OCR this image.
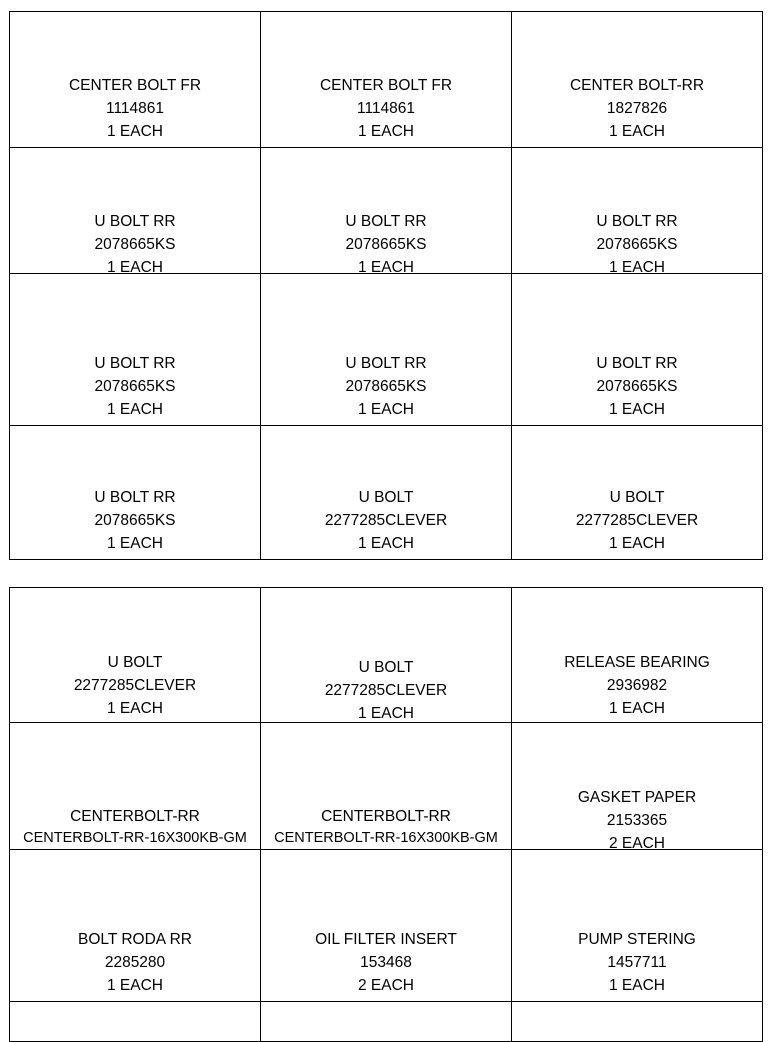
CENTER BOLT FR
1114861
1 EACH	CENTER BOLT FR
1114861
1 EACH	CENTER BOLT-RR
1827826
1 EACH

U BOLT RR
2078665KS
1 EACH	U BOLT RR
2078665KS
1 EACH	U BOLT RR
2078665KS
1 EACH

U BOLT RR
2078665KS
1 EACH	U BOLT RR
2078665KS
1 EACH	U BOLT RR
2078665KS
1 EACH

U BOLT RR
2078665KS
1 EACH	U BOLT
2277285CLEVER
1 EACH	U BOLT
2277285CLEVER
1 EACH
U BOLT
2277285CLEVER
1 EACH	U BOLT
2277285CLEVER
1 EACH	RELEASE BEARING
2936982
1 EACH

CENTERBOLT-RR
CENTERBOLT-RR-16X300KB-GM	CENTERBOLT-RR
CENTERBOLT-RR-16X300KB-GM	GASKET PAPER
2153365
2 EACH

BOLT RODA RR
2285280
1 EACH	OIL FILTER INSERT
153468
2 EACH	PUMP STERING
1457711
1 EACH
